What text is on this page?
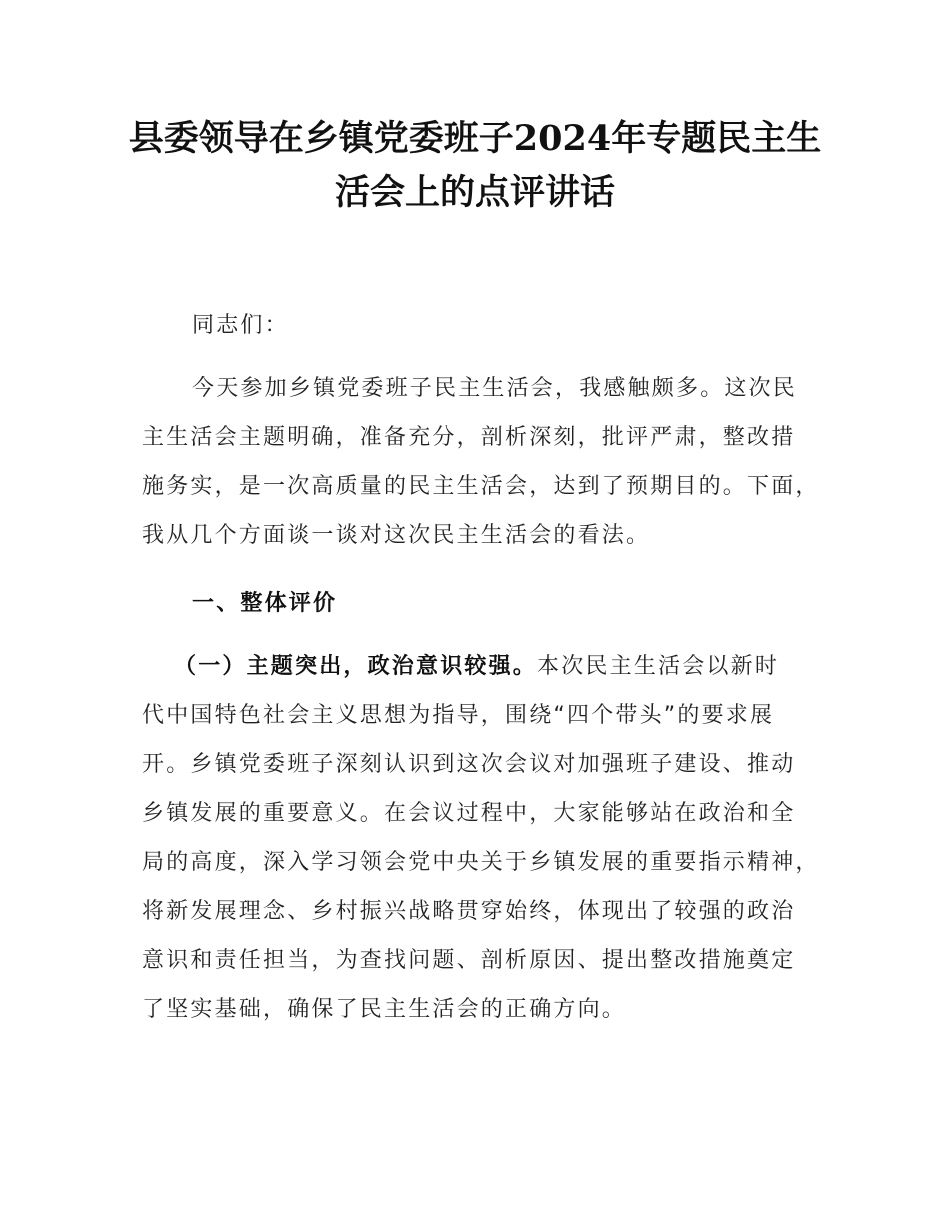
县委领导在乡镇党委班子2024年专题民主生
活会上的点评讲话
同志们：
今天参加乡镇党委班子民主生活会，我感触颇多。这次民
主生活会主题明确，准备充分，剖析深刻，批评严肃，整改措
施务实，是一次高质量的民主生活会，达到了预期目的。下面，
我从几个方面谈一谈对这次民主生活会的看法。
一、整体评价
（一）主题突出，政治意识较强。本次民主生活会以新时
代中国特色社会主义思想为指导，围绕“四个带头”的要求展
开。乡镇党委班子深刻认识到这次会议对加强班子建设、推动
乡镇发展的重要意义。在会议过程中，大家能够站在政治和全
局的高度，深入学习领会党中央关于乡镇发展的重要指示精神，
将新发展理念、乡村振兴战略贯穿始终，体现出了较强的政治
意识和责任担当，为查找问题、剖析原因、提出整改措施奠定
了坚实基础，确保了民主生活会的正确方向。
